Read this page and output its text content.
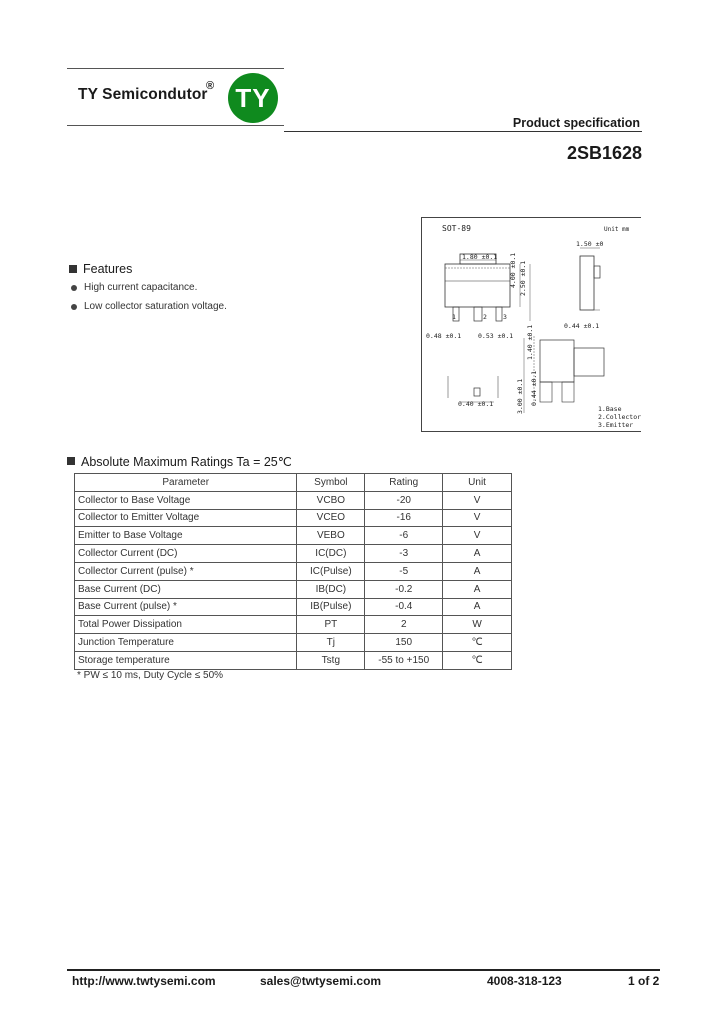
TY Semicondutor
® TY
Product specification
2SB1628
SOT-89	Unit mm
1.50 ±0
1.80 ±0.1 4.00 ±0.1 2.50 ±0.1
0.48 ±0.1	0.53 ±0.1
0.44 ±0.1
1.40 ±0.1
3.00 ±0.1
0.40 ±0.1	0.44 ±0.1
1	2 3
1.Base
2.Collector
3.Emitter
Features
High current capacitance.
Low collector saturation voltage.
Absolute Maximum Ratings Ta = 25℃
Parameter	Symbol	Rating	Unit
Collector to Base Voltage	VCBO	-20	V
Collector to Emitter Voltage	VCEO	-16	V
Emitter to Base Voltage	VEBO	-6	V
Collector Current (DC)	IC(DC)	-3	A
Collector Current (pulse) *	IC(Pulse)	-5	A
Base Current (DC)	IB(DC)	-0.2	A
Base Current (pulse) *	IB(Pulse)	-0.4	A
Total Power Dissipation	PT	2	W
Junction Temperature	Tj	150	℃
Storage temperature	Tstg	-55 to +150	℃
* PW ≤ 10 ms, Duty Cycle ≤ 50%
http://www.twtysemi.com	sales@twtysemi.com	4008-318-123	1 of 2
